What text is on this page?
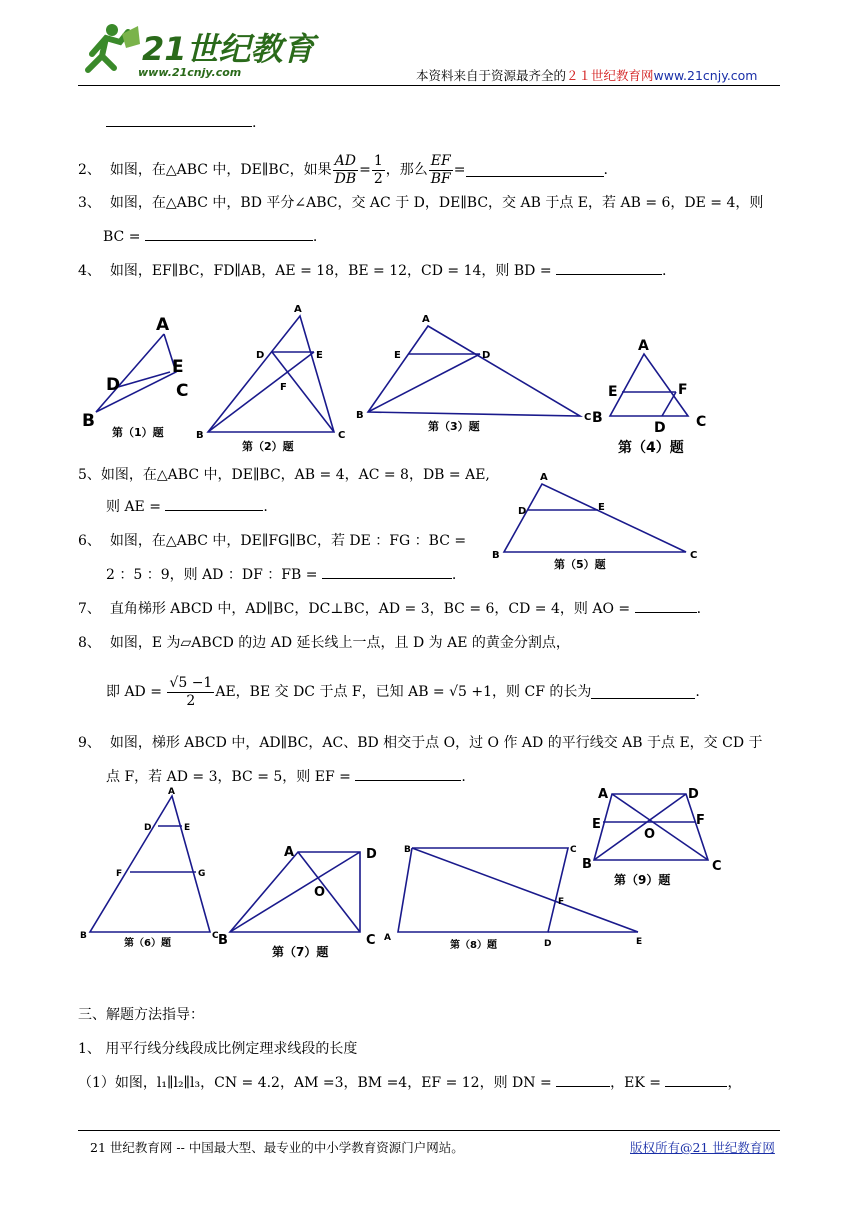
21世纪教育
www.21cnjy.com	本资料来自于资源最齐全的２１世纪教育网www.21cnjy.com
.
2、
如图，在△ABC 中，DE∥BC，如果 $\frac{AD}{DB} = \frac{1}{2}$ ，那么 $\frac{EF}{BF}$ =	.
3、 如图，在△ABC 中，BD 平分∠ABC，交 AC 于 D，DE∥BC，交 AB 于点 E，若 AB = 6，DE = 4，则
BC =	.
4、 如图，EF∥BC，FD∥AB，AE = 18，BE = 12，CD = 14，则 BD =	.
A
E
D	C
B
第（1）题
A
D	E
F
B	C
第（2）题
A
E	D
B	C
第（3）题
A
E	F
B
D C
第（4）题
5、如图，在△ABC 中，DE∥BC，AB = 4，AC = 8，DB = AE,
则 AE =	.
A
D	E
B	C
第（5）题
6、 如图，在△ABC 中，DE∥FG∥BC，若 DE ：FG ：BC =
2 ：5 ：9，则 AD ：DF ：FB =	.
7、 直角梯形 ABCD 中，AD∥BC，DC⊥BC，AD = 3，BC = 6，CD = 4，则 AO =	.
8、 如图，E 为▱ABCD 的边 AD 延长线上一点，且 D 为 AE 的黄金分割点，
即 AD =
$\frac{√5 -1}{2}$ AE，BE 交 DC 于点 F，已知 AB =
√5 +1 ，则 CF 的长为	.
9、 如图，梯形 ABCD 中，AD∥BC，AC、BD 相交于点 O，过 O 作 AD 的平行线交 AB 于点 E，交 CD 于
点 F，若 AD = 3，BC = 5，则 EF =	.
A
D	E
F	G
B	C
第（6）题
A	D
O
B	C
第（7）题
B	C
F
A
D	E
第（8）题
A	D
E	F
O
B	C
第（9）题
三、解题方法指导：
1、 用平行线分线段成比例定理求线段的长度
（1）如图，l₁∥l₂∥l₃，CN = 4.2，AM =3，BM =4，EF = 12，则 DN =	，EK =	，
21 世纪教育网 -- 中国最大型、最专业的中小学教育资源门户网站。	版权所有@21 世纪教育网
